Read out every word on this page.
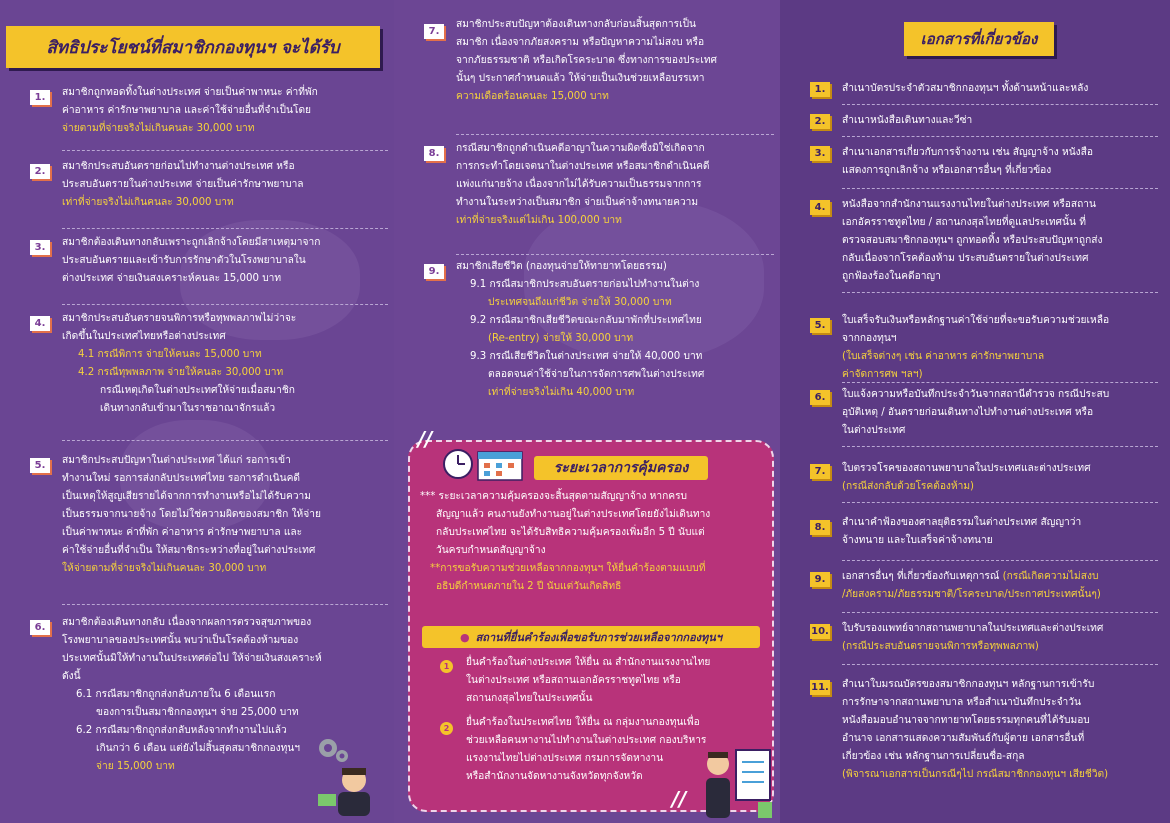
สิทธิประโยชน์ที่สมาชิกกองทุนฯ จะได้รับ
1.	สมาชิกถูกทอดทิ้งในต่างประเทศ จ่ายเป็นค่าพาหนะ ค่าที่พัก
ค่าอาหาร ค่ารักษาพยาบาล และค่าใช้จ่ายอื่นที่จำเป็นโดย
จ่ายตามที่จ่ายจริงไม่เกินคนละ 30,000 บาท
2.	สมาชิกประสบอันตรายก่อนไปทำงานต่างประเทศ หรือ
ประสบอันตรายในต่างประเทศ จ่ายเป็นค่ารักษาพยาบาล
เท่าที่จ่ายจริงไม่เกินคนละ 30,000 บาท
3.	สมาชิกต้องเดินทางกลับเพราะถูกเลิกจ้างโดยมีสาเหตุมาจาก
ประสบอันตรายและเข้ารับการรักษาตัวในโรงพยาบาลใน
ต่างประเทศ จ่ายเงินสงเคราะห์คนละ 15,000 บาท
4.	สมาชิกประสบอันตรายจนพิการหรือทุพพลภาพไม่ว่าจะ
เกิดขึ้นในประเทศไทยหรือต่างประเทศ
4.1 กรณีพิการ จ่ายให้คนละ 15,000 บาท
4.2 กรณีทุพพลภาพ จ่ายให้คนละ 30,000 บาท
กรณีเหตุเกิดในต่างประเทศให้จ่ายเมื่อสมาชิก
เดินทางกลับเข้ามาในราชอาณาจักรแล้ว
5.	สมาชิกประสบปัญหาในต่างประเทศ ได้แก่ รอการเข้า
ทำงานใหม่ รอการส่งกลับประเทศไทย รอการดำเนินคดี
เป็นเหตุให้สูญเสียรายได้จากการทำงานหรือไม่ได้รับความ
เป็นธรรมจากนายจ้าง โดยไม่ใช่ความผิดของสมาชิก ให้จ่าย
เป็นค่าพาหนะ ค่าที่พัก ค่าอาหาร ค่ารักษาพยาบาล และ
ค่าใช้จ่ายอื่นที่จำเป็น ให้สมาชิกระหว่างที่อยู่ในต่างประเทศ
ให้จ่ายตามที่จ่ายจริงไม่เกินคนละ 30,000 บาท
6.	สมาชิกต้องเดินทางกลับ เนื่องจากผลการตรวจสุขภาพของ
โรงพยาบาลของประเทศนั้น พบว่าเป็นโรคต้องห้ามของ
ประเทศนั้นมิให้ทำงานในประเทศต่อไป ให้จ่ายเงินสงเคราะห์
ดังนี้
6.1 กรณีสมาชิกถูกส่งกลับภายใน 6 เดือนแรก
ของการเป็นสมาชิกกองทุนฯ จ่าย 25,000 บาท
6.2 กรณีสมาชิกถูกส่งกลับหลังจากทำงานไปแล้ว
เกินกว่า 6 เดือน แต่ยังไม่สิ้นสุดสมาชิกกองทุนฯ
จ่าย 15,000 บาท
7.
สมาชิกประสบปัญหาต้องเดินทางกลับก่อนสิ้นสุดการเป็น
สมาชิก เนื่องจากภัยสงคราม หรือปัญหาความไม่สงบ หรือ
จากภัยธรรมชาติ หรือเกิดโรคระบาด ซึ่งทางการของประเทศ
นั้นๆ ประกาศกำหนดแล้ว ให้จ่ายเป็นเงินช่วยเหลือบรรเทา
ความเดือดร้อนคนละ 15,000 บาท
8.	กรณีสมาชิกถูกดำเนินคดีอาญาในความผิดซึ่งมิใช่เกิดจาก
การกระทำโดยเจตนาในต่างประเทศ หรือสมาชิกดำเนินคดี
แพ่งแก่นายจ้าง เนื่องจากไม่ได้รับความเป็นธรรมจากการ
ทำงานในระหว่างเป็นสมาชิก จ่ายเป็นค่าจ้างทนายความ
เท่าที่จ่ายจริงแต่ไม่เกิน 100,000 บาท
9.	สมาชิกเสียชีวิต (กองทุนจ่ายให้ทายาทโดยธรรม)
9.1 กรณีสมาชิกประสบอันตรายก่อนไปทำงานในต่าง
ประเทศจนถึงแก่ชีวิต จ่ายให้ 30,000 บาท
9.2 กรณีสมาชิกเสียชีวิตขณะกลับมาพักที่ประเทศไทย
(Re-entry) จ่ายให้ 30,000 บาท
9.3 กรณีเสียชีวิตในต่างประเทศ จ่ายให้ 40,000 บาท
ตลอดจนค่าใช้จ่ายในการจัดการศพในต่างประเทศ
เท่าที่จ่ายจริงไม่เกิน 40,000 บาท
ระยะเวลาการคุ้มครอง
*** ระยะเวลาความคุ้มครองจะสิ้นสุดตามสัญญาจ้าง หากครบ
สัญญาแล้ว คนงานยังทำงานอยู่ในต่างประเทศโดยยังไม่เดินทาง
กลับประเทศไทย จะได้รับสิทธิความคุ้มครองเพิ่มอีก 5 ปี นับแต่
วันครบกำหนดสัญญาจ้าง
**การขอรับความช่วยเหลือจากกองทุนฯ ให้ยื่นคำร้องตามแบบที่
อธิบดีกำหนดภายใน 2 ปี นับแต่วันเกิดสิทธิ
● สถานที่ยื่นคำร้องเพื่อขอรับการช่วยเหลือจากกองทุนฯ
1	ยื่นคำร้องในต่างประเทศ ให้ยื่น ณ สำนักงานแรงงานไทย
ในต่างประเทศ หรือสถานเอกอัครราชทูตไทย หรือ
สถานกงสุลไทยในประเทศนั้น
2
ยื่นคำร้องในประเทศไทย ให้ยื่น ณ กลุ่มงานกองทุนเพื่อ
ช่วยเหลือคนหางานไปทำงานในต่างประเทศ กองบริหาร
แรงงานไทยไปต่างประเทศ กรมการจัดหางาน
หรือสำนักงานจัดหางานจังหวัดทุกจังหวัด
//
//
เอกสารที่เกี่ยวข้อง
1.	สำเนาบัตรประจำตัวสมาชิกกองทุนฯ ทั้งด้านหน้าและหลัง
2.	สำเนาหนังสือเดินทางและวีซ่า
3.	สำเนาเอกสารเกี่ยวกับการจ้างงาน เช่น สัญญาจ้าง หนังสือ
แสดงการถูกเลิกจ้าง หรือเอกสารอื่นๆ ที่เกี่ยวข้อง
4.	หนังสือจากสำนักงานแรงงานไทยในต่างประเทศ หรือสถาน
เอกอัครราชทูตไทย / สถานกงสุลไทยที่ดูแลประเทศนั้น ที่
ตรวจสอบสมาชิกกองทุนฯ ถูกทอดทิ้ง หรือประสบปัญหาถูกส่ง
กลับเนื่องจากโรคต้องห้าม ประสบอันตรายในต่างประเทศ
ถูกฟ้องร้องในคดีอาญา
5.	ใบเสร็จรับเงินหรือหลักฐานค่าใช้จ่ายที่จะขอรับความช่วยเหลือ
จากกองทุนฯ
(ใบเสร็จต่างๆ เช่น ค่าอาหาร ค่ารักษาพยาบาล
ค่าจัดการศพ ฯลฯ)
6.	ใบแจ้งความหรือบันทึกประจำวันจากสถานีตำรวจ กรณีประสบ
อุบัติเหตุ / อันตรายก่อนเดินทางไปทำงานต่างประเทศ หรือ
ในต่างประเทศ
7.	ใบตรวจโรคของสถานพยาบาลในประเทศและต่างประเทศ
(กรณีส่งกลับด้วยโรคต้องห้าม)
8.	สำเนาคำฟ้องของศาลยุติธรรมในต่างประเทศ สัญญาว่า
จ้างทนาย และใบเสร็จค่าจ้างทนาย
9.	เอกสารอื่นๆ ที่เกี่ยวข้องกับเหตุการณ์ (กรณีเกิดความไม่สงบ
/ภัยสงคราม/ภัยธรรมชาติ/โรคระบาด/ประกาศประเทศนั้นๆ)
10. ใบรับรองแพทย์จากสถานพยาบาลในประเทศและต่างประเทศ
(กรณีประสบอันตรายจนพิการหรือทุพพลภาพ)
11. สำเนาใบมรณบัตรของสมาชิกกองทุนฯ หลักฐานการเข้ารับ
การรักษาจากสถานพยาบาล หรือสำเนาบันทึกประจำวัน
หนังสือมอบอำนาจจากทายาทโดยธรรมทุกคนที่ได้รับมอบ
อำนาจ เอกสารแสดงความสัมพันธ์กับผู้ตาย เอกสารอื่นที่
เกี่ยวข้อง เช่น หลักฐานการเปลี่ยนชื่อ-สกุล
(พิจารณาเอกสารเป็นกรณีๆไป กรณีสมาชิกกองทุนฯ เสียชีวิต)
